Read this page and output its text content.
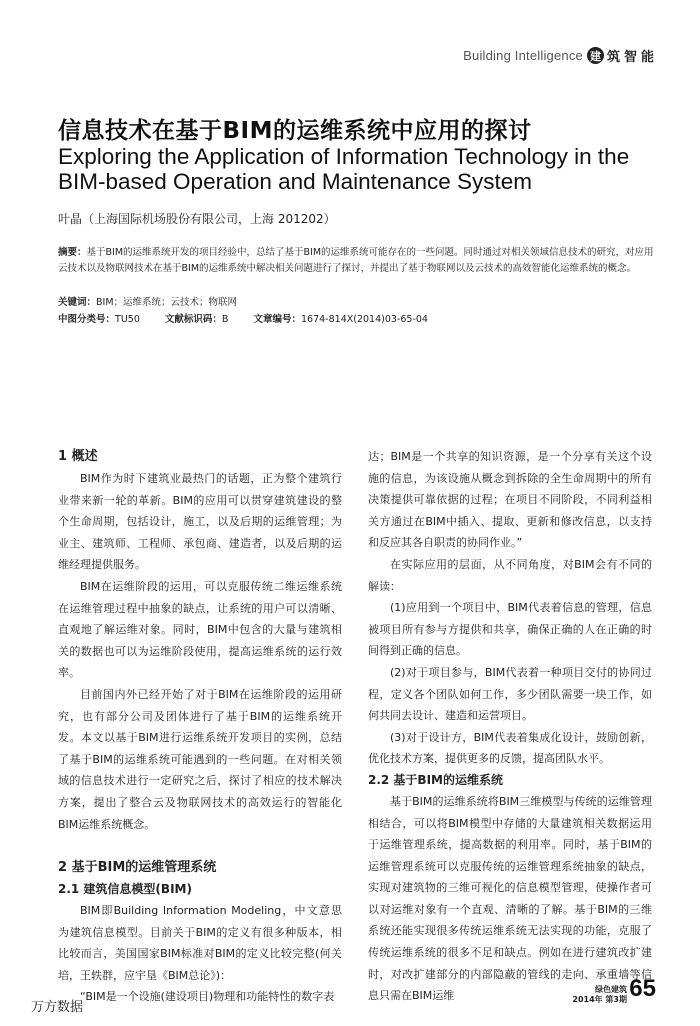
Building Intelligence 建 筑智能
信息技术在基于BIM的运维系统中应用的探讨
Exploring the Application of Information Technology in the BIM-based Operation and Maintenance System
叶晶（上海国际机场股份有限公司，上海 201202）
摘要：基于BIM的运维系统开发的项目经验中，总结了基于BIM的运维系统可能存在的一些问题。同时通过对相关领域信息技术的研究，对应用云技术以及物联网技术在基于BIM的运维系统中解决相关问题进行了探讨，并提出了基于物联网以及云技术的高效智能化运维系统的概念。
关键词：BIM；运维系统；云技术；物联网
中图分类号：TU50	文献标识码：B	文章编号：1674-814X(2014)03-65-04
1 概述

BIM作为时下建筑业最热门的话题，正为整个建筑行业带来新一轮的革新。BIM的应用可以贯穿建筑建设的整个生命周期，包括设计，施工，以及后期的运维管理；为业主、建筑师、工程师、承包商、建造者，以及后期的运维经理提供服务。

BIM在运维阶段的运用，可以克服传统二维运维系统在运维管理过程中抽象的缺点，让系统的用户可以清晰、直观地了解运维对象。同时，BIM中包含的大量与建筑相关的数据也可以为运维阶段使用，提高运维系统的运行效率。

目前国内外已经开始了对于BIM在运维阶段的运用研究，也有部分公司及团体进行了基于BIM的运维系统开发。本文以基于BIM进行运维系统开发项目的实例，总结了基于BIM的运维系统可能遇到的一些问题。在对相关领域的信息技术进行一定研究之后，探讨了相应的技术解决方案，提出了整合云及物联网技术的高效运行的智能化BIM运维系统概念。

2 基于BIM的运维管理系统
2.1 建筑信息模型(BIM)

BIM即Building Information Modeling，中文意思为建筑信息模型。目前关于BIM的定义有很多种版本，相比较而言，美国国家BIM标准对BIM的定义比较完整(何关培，王轶群，应宇垦《BIM总论》)：

“BIM是一个设施(建设项目)物理和功能特性的数字表

达；BIM是一个共享的知识资源，是一个分享有关这个设施的信息，为该设施从概念到拆除的全生命周期中的所有决策提供可靠依据的过程；在项目不同阶段，不同利益相关方通过在BIM中插入、提取、更新和修改信息，以支持和反应其各自职责的协同作业。”

在实际应用的层面，从不同角度，对BIM会有不同的解读：

(1)应用到一个项目中，BIM代表着信息的管理，信息被项目所有参与方提供和共享，确保正确的人在正确的时间得到正确的信息。

(2)对于项目参与，BIM代表着一种项目交付的协同过程，定义各个团队如何工作，多少团队需要一块工作，如何共同去设计、建造和运营项目。

(3)对于设计方，BIM代表着集成化设计，鼓励创新，优化技术方案，提供更多的反馈，提高团队水平。

2.2 基于BIM的运维系统

基于BIM的运维系统将BIM三维模型与传统的运维管理相结合，可以将BIM模型中存储的大量建筑相关数据运用于运维管理系统，提高数据的利用率。同时，基于BIM的运维管理系统可以克服传统的运维管理系统抽象的缺点，实现对建筑物的三维可视化的信息模型管理，使操作者可以对运维对象有一个直观、清晰的了解。基于BIM的三维系统还能实现很多传统运维系统无法实现的功能，克服了传统运维系统的很多不足和缺点。例如在进行建筑改扩建时，对改扩建部分的内部隐蔽的管线的走向、承重墙等信息只需在BIM运维	绿色建筑
2014年 第3期 65
万方数据
